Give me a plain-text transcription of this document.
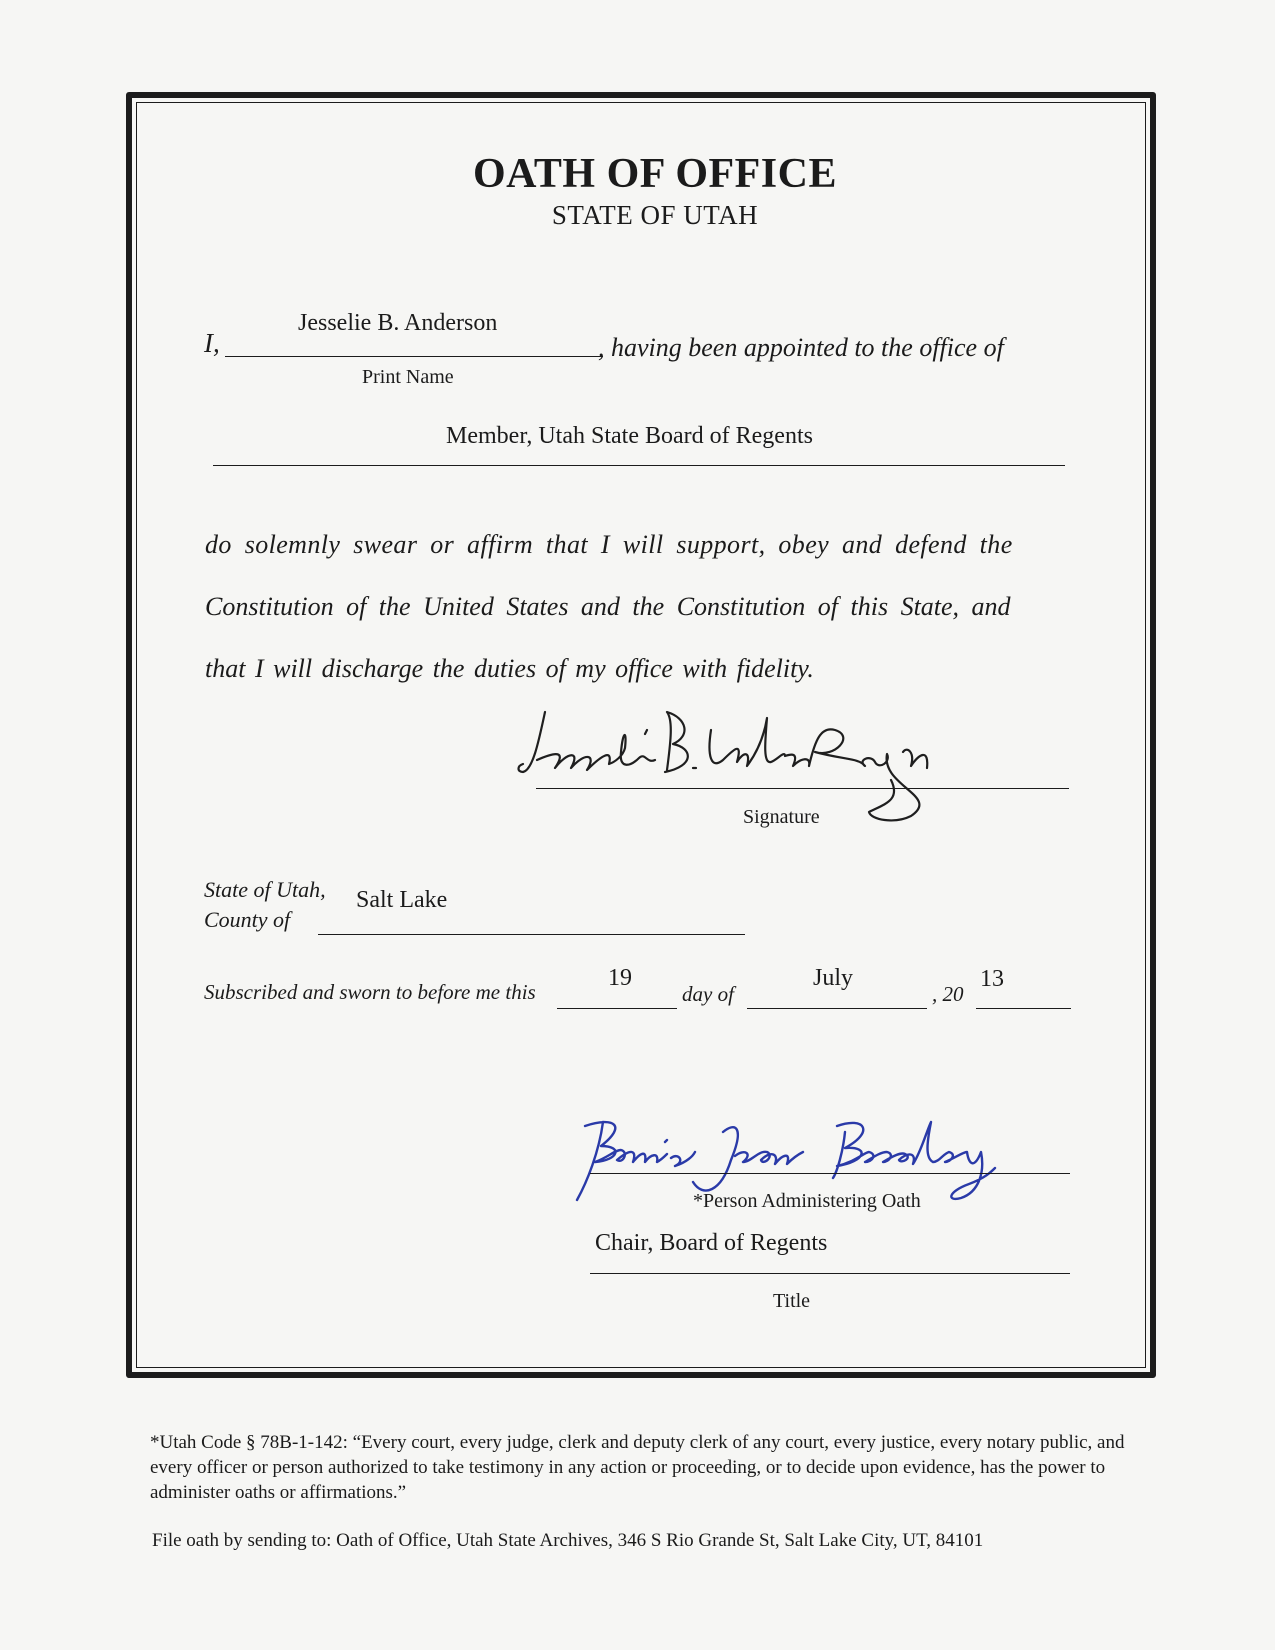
OATH OF OFFICE
STATE OF UTAH
I,
Jesselie B. Anderson
, having been appointed to the office of
Print Name
Member, Utah State Board of Regents
do solemnly swear or affirm that I will support, obey and defend the
Constitution of the United States and the Constitution of this State, and
that I will discharge the duties of my office with fidelity.
Signature
State of Utah,
County of
Salt Lake
Subscribed and sworn to before me this
19
day of
July
, 20
13
*Person Administering Oath
Chair, Board of Regents
Title
*Utah Code § 78B-1-142: “Every court, every judge, clerk and deputy clerk of any court, every justice, every notary public, and every officer or person authorized to take testimony in any action or proceeding, or to decide upon evidence, has the power to administer oaths or affirmations.”
File oath by sending to: Oath of Office, Utah State Archives, 346 S Rio Grande St, Salt Lake City, UT, 84101
